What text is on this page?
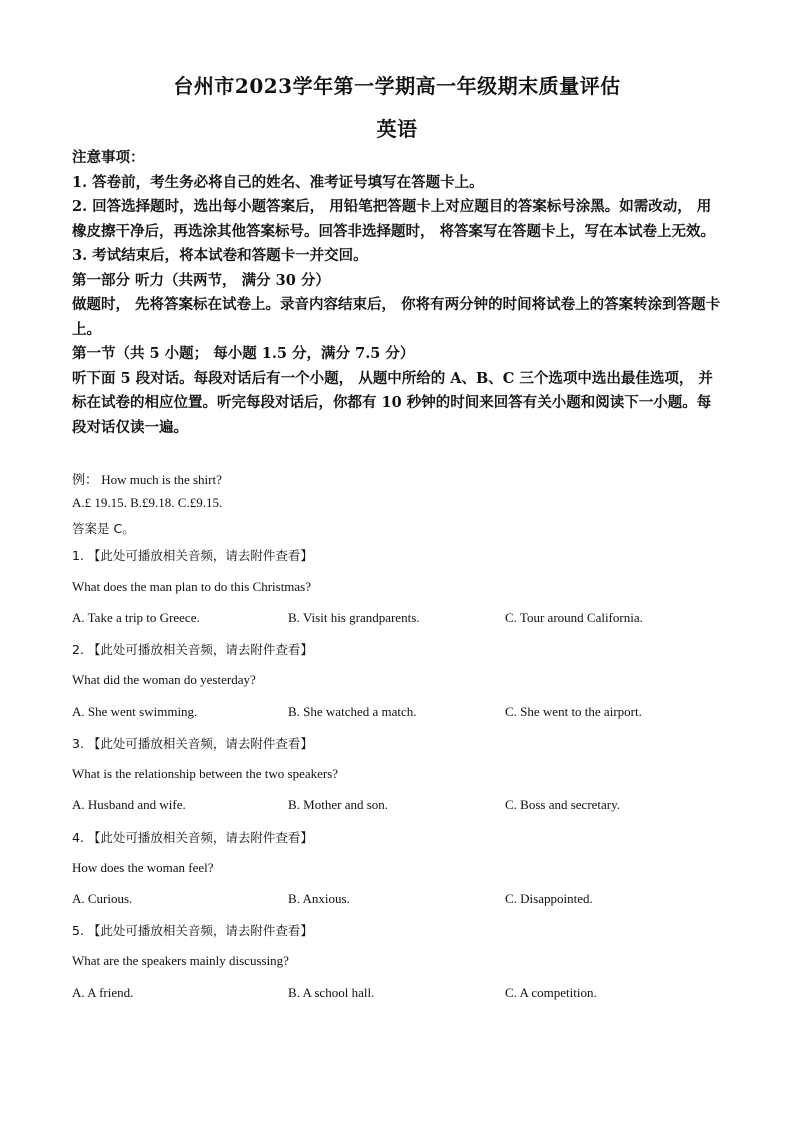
台州市2023学年第一学期高一年级期末质量评估
英语

注意事项：

1. 答卷前，考生务必将自己的姓名、准考证号填写在答题卡上。

2. 回答选择题时，选出每小题答案后， 用铅笔把答题卡上对应题目的答案标号涂黑。如需改动， 用橡皮擦干净后，再选涂其他答案标号。回答非选择题时， 将答案写在答题卡上，写在本试卷上无效。

3. 考试结束后，将本试卷和答题卡一并交回。

第一部分 听力（共两节， 满分 30 分）

做题时， 先将答案标在试卷上。录音内容结束后， 你将有两分钟的时间将试卷上的答案转涂到答题卡上。

第一节（共 5 小题； 每小题 1.5 分，满分 7.5 分）

听下面 5 段对话。每段对话后有一个小题， 从题中所给的 A、B、C 三个选项中选出最佳选项， 并标在试卷的相应位置。听完每段对话后，你都有 10 秒钟的时间来回答有关小题和阅读下一小题。每段对话仅读一遍。

例： How much is the shirt?
A.£ 19.15. B.£9.18. C.£9.15.
答案是 C。
1. 【此处可播放相关音频，请去附件查看】
What does the man plan to do this Christmas?
A. Take a trip to Greece.	B. Visit his grandparents.	C. Tour around California.
2. 【此处可播放相关音频，请去附件查看】
What did the woman do yesterday?
A. She went swimming.	B. She watched a match.	C. She went to the airport.
3. 【此处可播放相关音频，请去附件查看】
What is the relationship between the two speakers?
A. Husband and wife.	B. Mother and son.	C. Boss and secretary.
4. 【此处可播放相关音频，请去附件查看】
How does the woman feel?
A. Curious.	B. Anxious.	C. Disappointed.
5. 【此处可播放相关音频，请去附件查看】
What are the speakers mainly discussing?
A. A friend.	B. A school hall.	C. A competition.
